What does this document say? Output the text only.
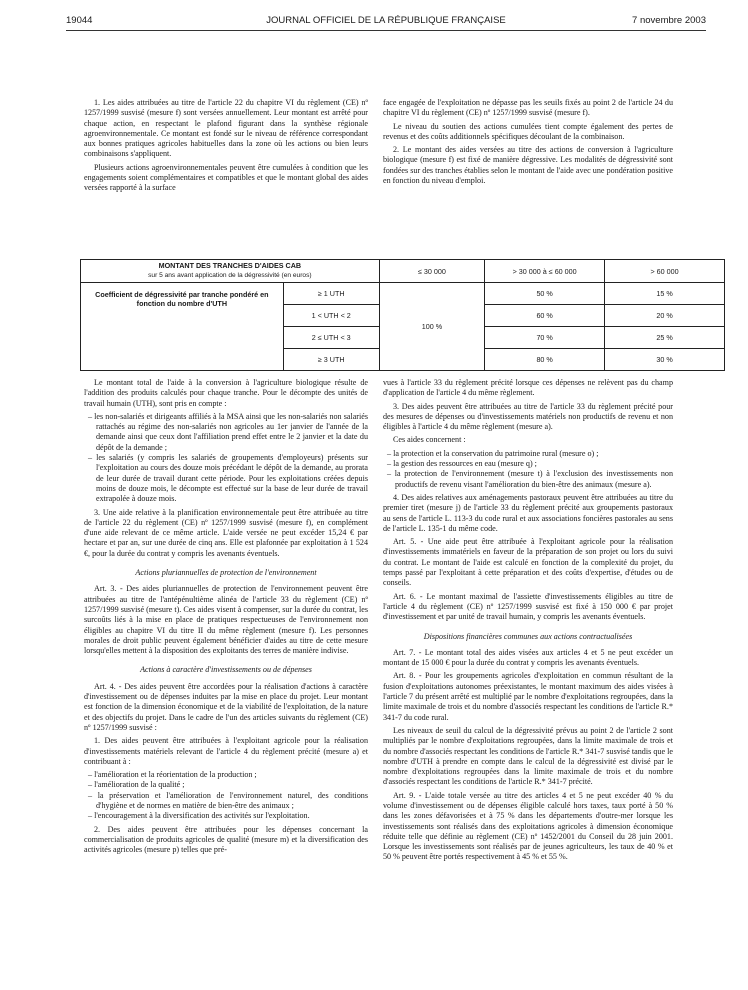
19044	JOURNAL OFFICIEL DE LA RÉPUBLIQUE FRANÇAISE	7 novembre 2003

1. Les aides attribuées au titre de l'article 22 du chapitre VI du règlement (CE) nº 1257/1999 susvisé (mesure f) sont versées annuellement. Leur montant est arrêté pour chaque action, en respectant le plafond figurant dans la synthèse régionale agroenvironnementale. Ce montant est fondé sur le niveau de référence correspondant aux bonnes pratiques agricoles habituelles dans la zone où les actions ou bien leurs combinaisons s'appliquent.

Plusieurs actions agroenvironnementales peuvent être cumulées à condition que les engagements soient complémentaires et compatibles et que le montant global des aides versées rapporté à la surface

face engagée de l'exploitation ne dépasse pas les seuils fixés au point 2 de l'article 24 du chapitre VI du règlement (CE) nº 1257/1999 susvisé (mesure f).

Le niveau du soutien des actions cumulées tient compte également des pertes de revenus et des coûts additionnels spécifiques découlant de la combinaison.

2. Le montant des aides versées au titre des actions de conversion à l'agriculture biologique (mesure f) est fixé de manière dégressive. Les modalités de dégressivité sont fondées sur des tranches établies selon le montant de l'aide avec une pondération positive en fonction du niveau d'emploi.

MONTANT DES TRANCHES D'AIDES CAB
sur 5 ans avant application de la dégressivité (en euros)		≤ 30 000	> 30 000 à ≤ 60 000	> 60 000
Coefficient de dégressivité par tranche pondéré en fonction du nombre d'UTH	≥ 1 UTH	100 %	50 %	15 %
	1 < UTH < 2		60 %	20 %
	2 ≤ UTH < 3		70 %	25 %
	≥ 3 UTH		80 %	30 %

Le montant total de l'aide à la conversion à l'agriculture biologique résulte de l'addition des produits calculés pour chaque tranche. Pour le décompte des unités de travail humain (UTH), sont pris en compte :

– les non-salariés et dirigeants affiliés à la MSA ainsi que les non-salariés non salariés rattachés au régime des non-salariés non agricoles au 1er janvier de l'année de la demande ainsi que ceux dont l'affiliation prend effet entre le 2 janvier et la date du dépôt de la demande ;
– les salariés (y compris les salariés de groupements d'employeurs) présents sur l'exploitation au cours des douze mois précédant le dépôt de la demande, au prorata de leur durée de travail durant cette période. Pour les exploitations créées depuis moins de douze mois, le décompte est effectué sur la base de leur durée de travail extrapolée à douze mois.

3. Une aide relative à la planification environnementale peut être attribuée au titre de l'article 22 du règlement (CE) nº 1257/1999 susvisé (mesure f), en complément d'une aide relevant de ce même article. L'aide versée ne peut excéder 15,24 € par hectare et par an, sur une durée de cinq ans. Elle est plafonnée par exploitation à 1 524 €, pour la durée du contrat y compris les avenants éventuels.

Actions pluriannuelles de protection de l'environnement

Art. 3. - Des aides pluriannuelles de protection de l'environnement peuvent être attribuées au titre de l'antépénultième alinéa de l'article 33 du règlement (CE) nº 1257/1999 susvisé (mesure t). Ces aides visent à compenser, sur la durée du contrat, les surcoûts liés à la mise en place de pratiques respectueuses de l'environnement non éligibles au chapitre VI du titre II du même règlement (mesure f). Les personnes morales de droit public peuvent également bénéficier d'aides au titre de cette mesure lorsqu'elles mettent à la disposition des exploitants des terres de manière indivise.

Actions à caractère d'investissements ou de dépenses

Art. 4. - Des aides peuvent être accordées pour la réalisation d'actions à caractère d'investissement ou de dépenses induites par la mise en place du projet. Leur montant est fonction de la dimension économique et de la viabilité de l'exploitation, de la nature et des objectifs du projet. Dans le cadre de l'un des articles suivants du règlement (CE) nº 1257/1999 susvisé :

1. Des aides peuvent être attribuées à l'exploitant agricole pour la réalisation d'investissements matériels relevant de l'article 4 du règlement précité (mesure a) et contribuant à :

– l'amélioration et la réorientation de la production ;
– l'amélioration de la qualité ;
– la préservation et l'amélioration de l'environnement naturel, des conditions d'hygiène et de normes en matière de bien-être des animaux ;
– l'encouragement à la diversification des activités sur l'exploitation.

2. Des aides peuvent être attribuées pour les dépenses concernant la commercialisation de produits agricoles de qualité (mesure m) et la diversification des activités agricoles (mesure p) telles que pré-

vues à l'article 33 du règlement précité lorsque ces dépenses ne relèvent pas du champ d'application de l'article 4 du même règlement.

3. Des aides peuvent être attribuées au titre de l'article 33 du règlement précité pour des mesures de dépenses ou d'investissements matériels non productifs de revenu et non éligibles à l'article 4 du même règlement (mesure a).

Ces aides concernent :

– la protection et la conservation du patrimoine rural (mesure o) ;
– la gestion des ressources en eau (mesure q) ;
– la protection de l'environnement (mesure t) à l'exclusion des investissements non productifs de revenu visant l'amélioration du bien-être des animaux (mesure a).

4. Des aides relatives aux aménagements pastoraux peuvent être attribuées au titre du premier tiret (mesure j) de l'article 33 du règlement précité aux groupements pastoraux au sens de l'article L. 113-3 du code rural et aux associations foncières pastorales au sens de l'article L. 135-1 du même code.

Art. 5. - Une aide peut être attribuée à l'exploitant agricole pour la réalisation d'investissements immatériels en faveur de la préparation de son projet ou lors du suivi du contrat. Le montant de l'aide est calculé en fonction de la complexité du projet, du temps passé par l'exploitant à cette préparation et des coûts d'expertise, d'études ou de conseils.

Art. 6. - Le montant maximal de l'assiette d'investissements éligibles au titre de l'article 4 du règlement (CE) nº 1257/1999 susvisé est fixé à 150 000 € par projet d'investissement et par unité de travail humain, y compris les avenants éventuels.

Dispositions financières communes aux actions contractualisées

Art. 7. - Le montant total des aides visées aux articles 4 et 5 ne peut excéder un montant de 15 000 € pour la durée du contrat y compris les avenants éventuels.

Art. 8. - Pour les groupements agricoles d'exploitation en commun résultant de la fusion d'exploitations autonomes préexistantes, le montant maximum des aides visées à l'article 7 du présent arrêté est multiplié par le nombre d'exploitations regroupées, dans la limite maximale de trois et du nombre d'associés respectant les conditions de l'article R.* 341-7 du code rural.

Les niveaux de seuil du calcul de la dégressivité prévus au point 2 de l'article 2 sont multipliés par le nombre d'exploitations regroupées, dans la limite maximale de trois et du nombre d'associés respectant les conditions de l'article R.* 341-7 susvisé tandis que le nombre d'UTH à prendre en compte dans le calcul de la dégressivité est divisé par le nombre d'exploitations regroupées dans la limite maximale de trois et du nombre d'associés respectant les conditions de l'article R.* 341-7 précité.

Art. 9. - L'aide totale versée au titre des articles 4 et 5 ne peut excéder 40 % du volume d'investissement ou de dépenses éligible calculé hors taxes, taux porté à 50 % dans les zones défavorisées et à 75 % dans les départements d'outre-mer lorsque les investissements sont réalisés dans des exploitations agricoles à dimension économique réduite telle que définie au règlement (CE) nº 1452/2001 du Conseil du 28 juin 2001. Lorsque les investissements sont réalisés par de jeunes agriculteurs, les taux de 40 % et 50 % peuvent être portés respectivement à 45 % et 55 %.
